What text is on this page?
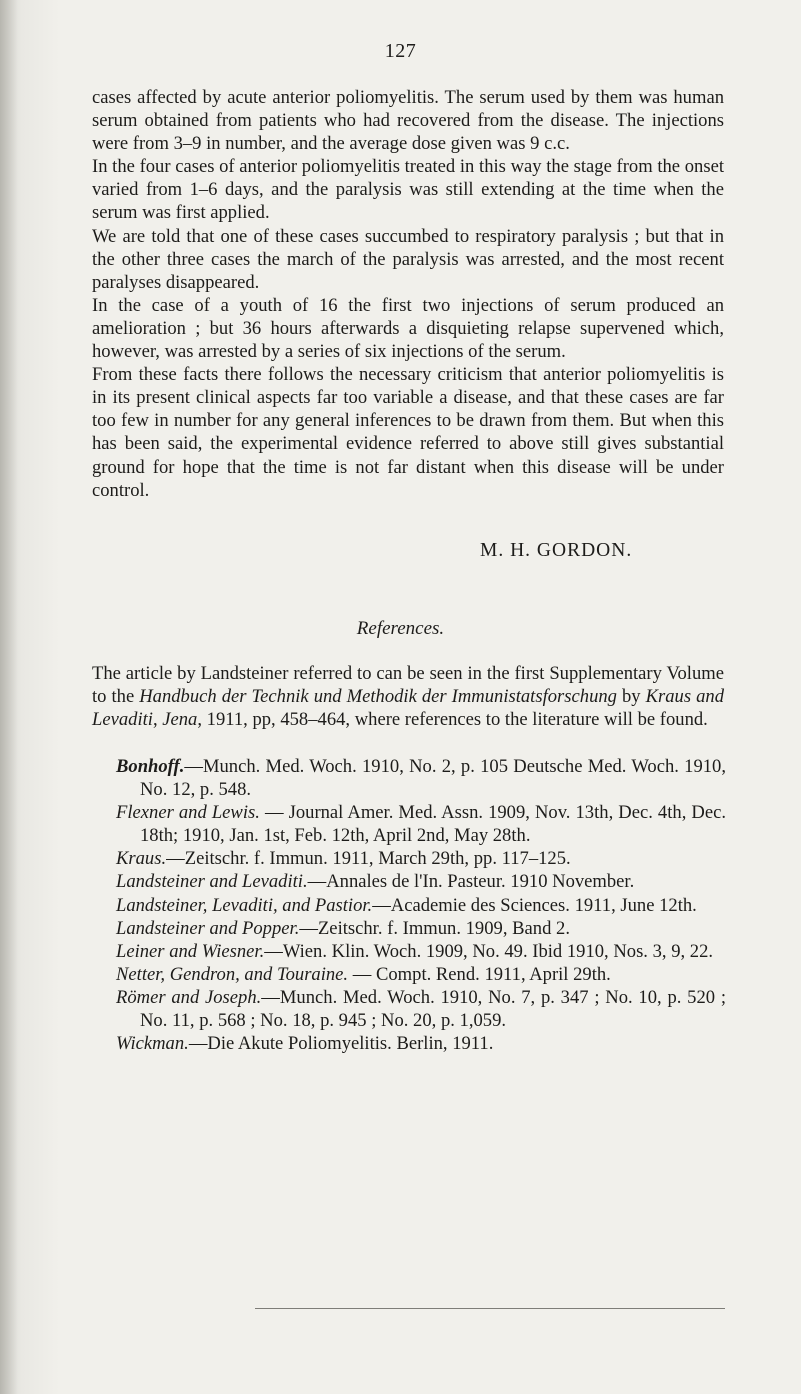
127

cases affected by acute anterior poliomyelitis. The serum used by them was human serum obtained from patients who had recovered from the disease. The injections were from 3–9 in number, and the average dose given was 9 c.c.

In the four cases of anterior poliomyelitis treated in this way the stage from the onset varied from 1–6 days, and the paralysis was still extending at the time when the serum was first applied.

We are told that one of these cases succumbed to respiratory paralysis ; but that in the other three cases the march of the paralysis was arrested, and the most recent paralyses disappeared.

In the case of a youth of 16 the first two injections of serum produced an amelioration ; but 36 hours afterwards a disquieting relapse supervened which, however, was arrested by a series of six injections of the serum.

From these facts there follows the necessary criticism that anterior poliomyelitis is in its present clinical aspects far too variable a disease, and that these cases are far too few in number for any general inferences to be drawn from them. But when this has been said, the experimental evidence referred to above still gives substantial ground for hope that the time is not far distant when this disease will be under control.

M. H. GORDON.
References.
The article by Landsteiner referred to can be seen in the first Supplementary Volume to the Handbuch der Technik und Methodik der Immunistatsforschung by Kraus and Levaditi, Jena, 1911, pp, 458–464, where references to the literature will be found.

Bonhoff.—Munch. Med. Woch. 1910, No. 2, p. 105 Deutsche Med. Woch. 1910, No. 12, p. 548.

Flexner and Lewis. — Journal Amer. Med. Assn. 1909, Nov. 13th, Dec. 4th, Dec. 18th; 1910, Jan. 1st, Feb. 12th, April 2nd, May 28th.

Kraus.—Zeitschr. f. Immun. 1911, March 29th, pp. 117–125.

Landsteiner and Levaditi.—Annales de l'In. Pasteur. 1910 November.

Landsteiner, Levaditi, and Pastior.—Academie des Sciences. 1911, June 12th.

Landsteiner and Popper.—Zeitschr. f. Immun. 1909, Band 2.

Leiner and Wiesner.—Wien. Klin. Woch. 1909, No. 49. Ibid 1910, Nos. 3, 9, 22.

Netter, Gendron, and Touraine. — Compt. Rend. 1911, April 29th.

Römer and Joseph.—Munch. Med. Woch. 1910, No. 7, p. 347 ; No. 10, p. 520 ; No. 11, p. 568 ; No. 18, p. 945 ; No. 20, p. 1,059.

Wickman.—Die Akute Poliomyelitis. Berlin, 1911.
